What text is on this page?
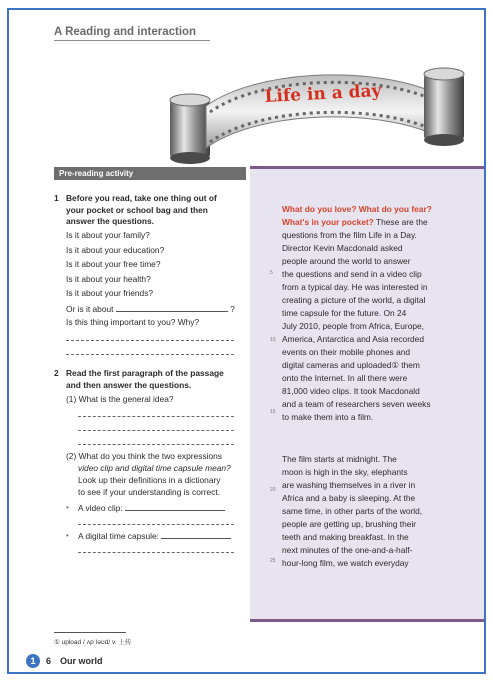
A Reading and interaction
Life in a day
Pre-reading activity
1 Before you read, take one thing out of
your pocket or school bag and then
answer the questions.
Is it about your family?
Is it about your education?
Is it about your free time?
Is it about your health?
Is it about your friends?
Or is it about	?
Is this thing important to you? Why?
2 Read the first paragraph of the passage
and then answer the questions.
(1) What is the general idea?
(2) What do you think the two expressions
video clip and digital time capsule mean?
Look up their definitions in a dictionary
to see if your understanding is correct.
• A video clip:
• A digital time capsule:
What do you love? What do you fear?
What's in your pocket? These are the
questions from the film Life in a Day.
Director Kevin Macdonald asked
people around the world to answer
the questions and send in a video clip
from a typical day. He was interested in
creating a picture of the world, a digital
time capsule for the future. On 24
July 2010, people from Africa, Europe,
America, Antarctica and Asia recorded
events on their mobile phones and
digital cameras and uploaded① them
onto the Internet. In all there were
81,000 video clips. It took Macdonald
and a team of researchers seven weeks
to make them into a film.
The film starts at midnight. The
moon is high in the sky, elephants
are washing themselves in a river in
Africa and a baby is sleeping. At the
same time, in other parts of the world,
people are getting up, brushing their
teeth and making breakfast. In the
next minutes of the one-and-a-half-
hour-long film, we watch everyday
5
10
15
20
25
① upload /ˌʌpˈləʊd/ v. 上传
1	6 Our world
